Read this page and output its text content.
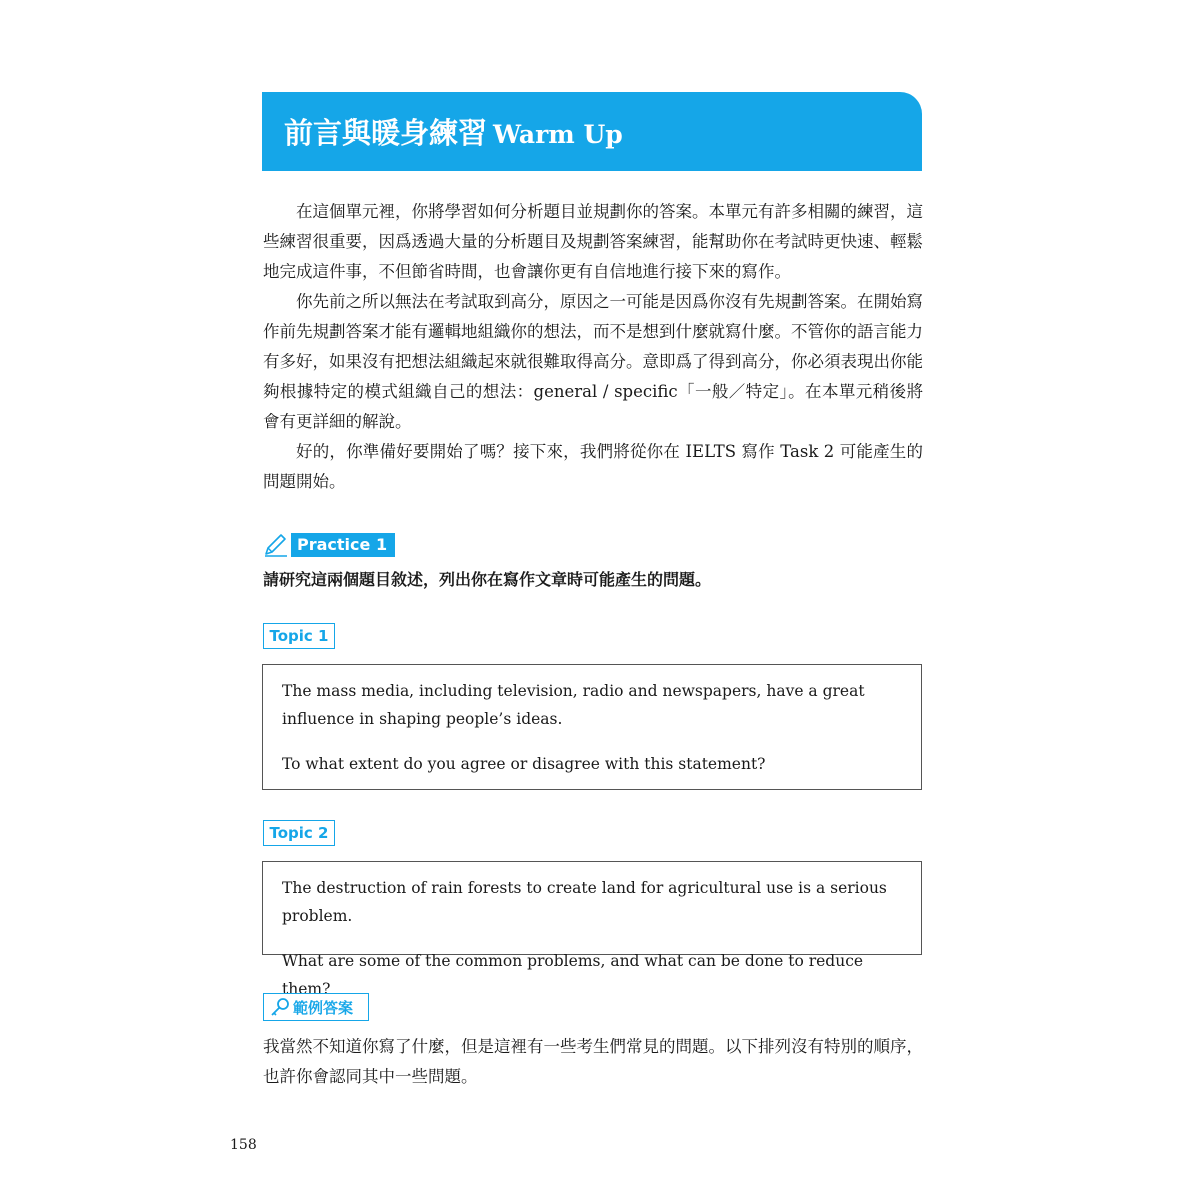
前言與暖身練習 Warm Up

在這個單元裡，你將學習如何分析題目並規劃你的答案。本單元有許多相關的練習，這些練習很重要，因爲透過大量的分析題目及規劃答案練習，能幫助你在考試時更快速、輕鬆地完成這件事，不但節省時間，也會讓你更有自信地進行接下來的寫作。

你先前之所以無法在考試取到高分，原因之一可能是因爲你沒有先規劃答案。在開始寫作前先規劃答案才能有邏輯地組織你的想法，而不是想到什麼就寫什麼。不管你的語言能力有多好，如果沒有把想法組織起來就很難取得高分。意即爲了得到高分，你必須表現出你能夠根據特定的模式組織自己的想法：general / specific「一般／特定」。在本單元稍後將會有更詳細的解說。

好的，你準備好要開始了嗎？接下來，我們將從你在 IELTS 寫作 Task 2 可能產生的問題開始。

Practice 1
請研究這兩個題目敘述，列出你在寫作文章時可能產生的問題。
Topic 1

The mass media, including television, radio and newspapers, have a great influence in shaping people’s ideas.

To what extent do you agree or disagree with this statement?

Topic 2

The destruction of rain forests to create land for agricultural use is a serious problem.

What are some of the common problems, and what can be done to reduce them?

範例答案

我當然不知道你寫了什麼，但是這裡有一些考生們常見的問題。以下排列沒有特別的順序，也許你會認同其中一些問題。

158
